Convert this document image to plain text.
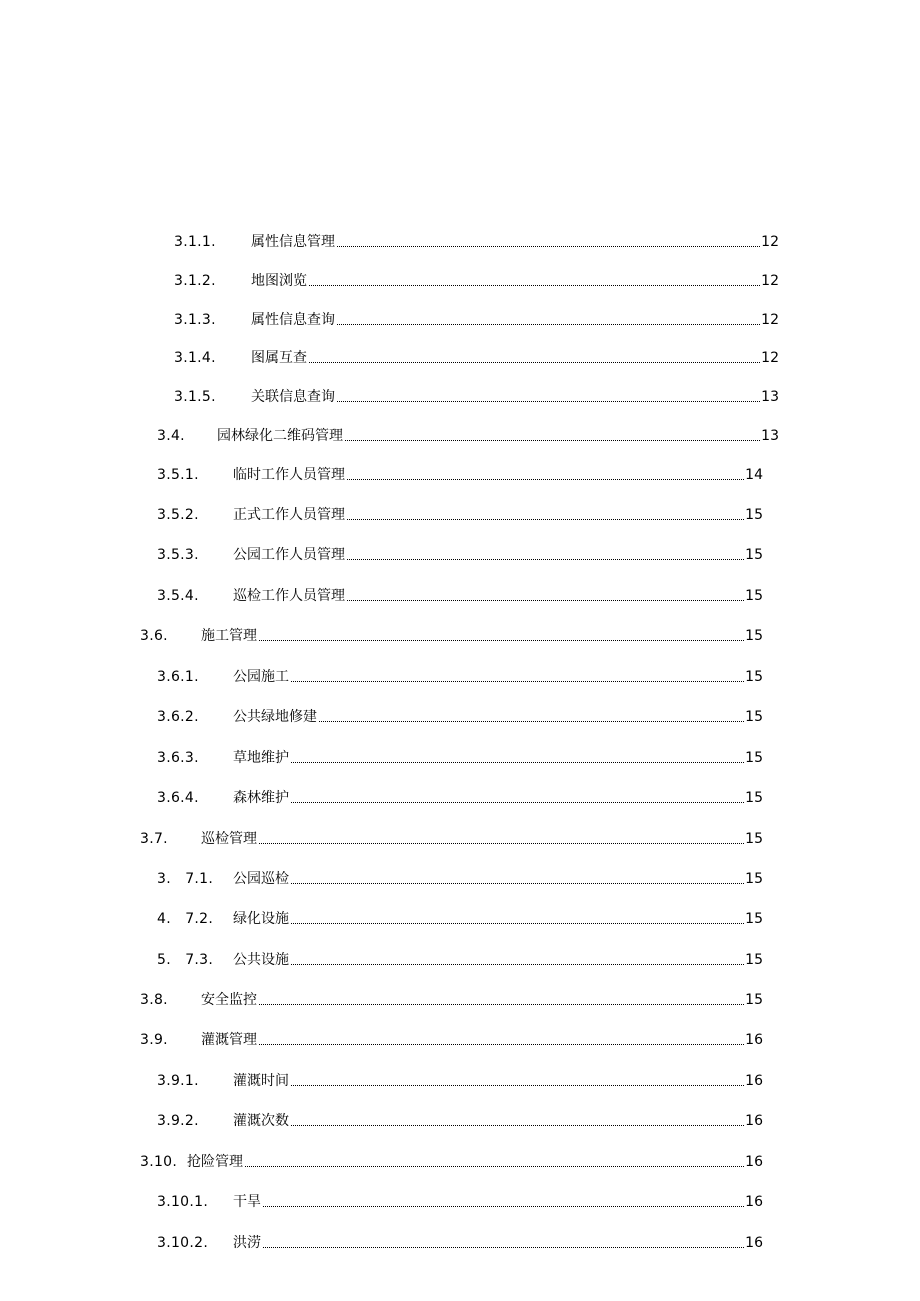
3.1.1.	属性信息管理	12
3.1.2.	地图浏览	12
3.1.3.	属性信息查询	12
3.1.4.	图属互查	12
3.1.5.	关联信息查询	13
3.4.	园林绿化二维码管理	13
3.5.1.	临时工作人员管理	14
3.5.2.	正式工作人员管理	15
3.5.3.	公园工作人员管理	15
3.5.4.	巡检工作人员管理	15
3.6.	施工管理	15
3.6.1.	公园施工	15
3.6.2.	公共绿地修建	15
3.6.3.	草地维护	15
3.6.4.	森林维护	15
3.7.	巡检管理	15
3.   7.1.	公园巡检	15
4.   7.2.	绿化设施	15
5.   7.3.	公共设施	15
3.8.	安全监控	15
3.9.	灌溉管理	16
3.9.1.	灌溉时间	16
3.9.2.	灌溉次数	16
3.10. 抢险管理	16
3.10.1.	干旱	16
3.10.2.	洪涝	16
